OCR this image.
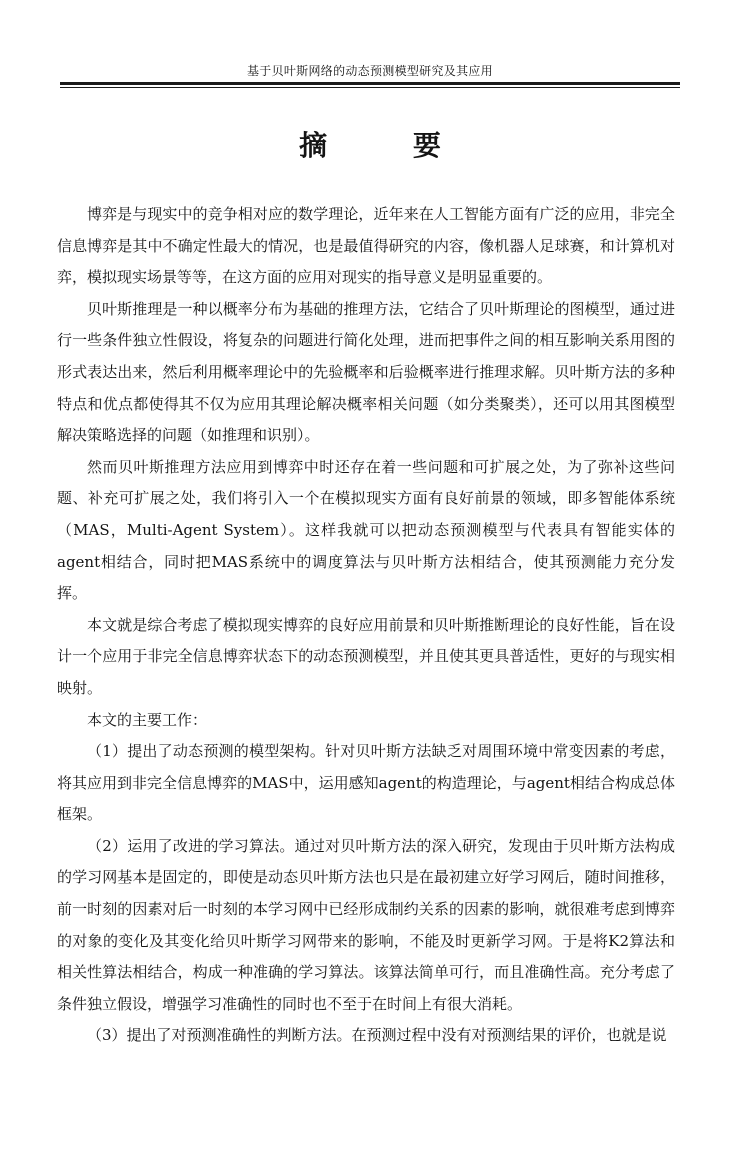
基于贝叶斯网络的动态预测模型研究及其应用
摘 要

博弈是与现实中的竞争相对应的数学理论，近年来在人工智能方面有广泛的应用，非完全信息博弈是其中不确定性最大的情况，也是最值得研究的内容，像机器人足球赛，和计算机对弈，模拟现实场景等等，在这方面的应用对现实的指导意义是明显重要的。

贝叶斯推理是一种以概率分布为基础的推理方法，它结合了贝叶斯理论的图模型，通过进行一些条件独立性假设，将复杂的问题进行简化处理，进而把事件之间的相互影响关系用图的形式表达出来，然后利用概率理论中的先验概率和后验概率进行推理求解。贝叶斯方法的多种特点和优点都使得其不仅为应用其理论解决概率相关问题（如分类聚类），还可以用其图模型解决策略选择的问题（如推理和识别）。

然而贝叶斯推理方法应用到博弈中时还存在着一些问题和可扩展之处，为了弥补这些问题、补充可扩展之处，我们将引入一个在模拟现实方面有良好前景的领域，即多智能体系统（MAS，Multi-Agent System）。这样我就可以把动态预测模型与代表具有智能实体的agent相结合，同时把MAS系统中的调度算法与贝叶斯方法相结合，使其预测能力充分发挥。

本文就是综合考虑了模拟现实博弈的良好应用前景和贝叶斯推断理论的良好性能，旨在设计一个应用于非完全信息博弈状态下的动态预测模型，并且使其更具普适性，更好的与现实相映射。

本文的主要工作：

（1）提出了动态预测的模型架构。针对贝叶斯方法缺乏对周围环境中常变因素的考虑，将其应用到非完全信息博弈的MAS中，运用感知agent的构造理论，与agent相结合构成总体框架。

（2）运用了改进的学习算法。通过对贝叶斯方法的深入研究，发现由于贝叶斯方法构成的学习网基本是固定的，即使是动态贝叶斯方法也只是在最初建立好学习网后，随时间推移，前一时刻的因素对后一时刻的本学习网中已经形成制约关系的因素的影响，就很难考虑到博弈的对象的变化及其变化给贝叶斯学习网带来的影响，不能及时更新学习网。于是将K2算法和相关性算法相结合，构成一种准确的学习算法。该算法简单可行，而且准确性高。充分考虑了条件独立假设，增强学习准确性的同时也不至于在时间上有很大消耗。

（3）提出了对预测准确性的判断方法。在预测过程中没有对预测结果的评价，也就是说
